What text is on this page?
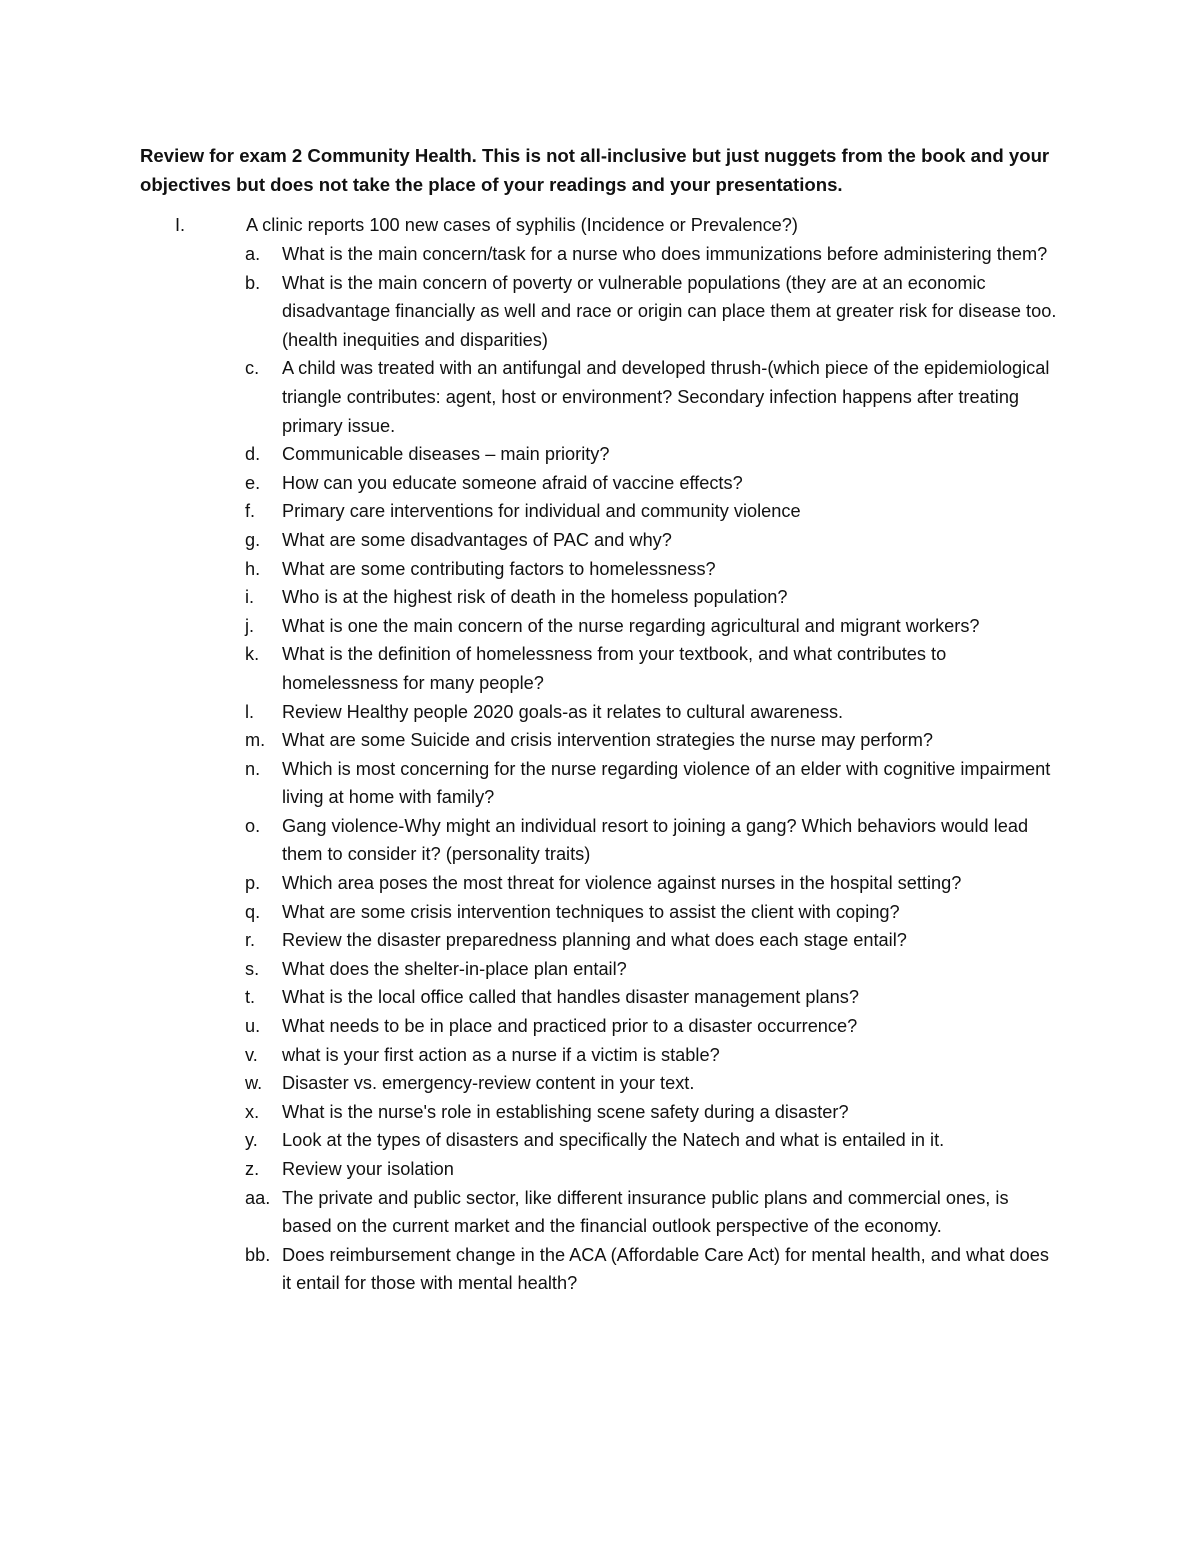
Review for exam 2 Community Health. This is not all-inclusive but just nuggets from the book and your objectives but does not take the place of your readings and your presentations.

I.	A clinic reports 100 new cases of syphilis (Incidence or Prevalence?)
a. What is the main concern/task for a nurse who does immunizations before administering them?
b. What is the main concern of poverty or vulnerable populations (they are at an economic disadvantage financially as well and race or origin can place them at greater risk for disease too.(health inequities and disparities)
c. A child was treated with an antifungal and developed thrush-(which piece of the epidemiological triangle contributes: agent, host or environment? Secondary infection happens after treating primary issue.
d. Communicable diseases – main priority?
e. How can you educate someone afraid of vaccine effects?
f. Primary care interventions for individual and community violence
g. What are some disadvantages of PAC and why?
h. What are some contributing factors to homelessness?
i. Who is at the highest risk of death in the homeless population?
j. What is one the main concern of the nurse regarding agricultural and migrant workers?
k. What is the definition of homelessness from your textbook, and what contributes to homelessness for many people?
l. Review Healthy people 2020 goals-as it relates to cultural awareness.
m. What are some Suicide and crisis intervention strategies the nurse may perform?
n. Which is most concerning for the nurse regarding violence of an elder with cognitive impairment living at home with family?
o. Gang violence-Why might an individual resort to joining a gang? Which behaviors would lead them to consider it? (personality traits)
p. Which area poses the most threat for violence against nurses in the hospital setting?
q. What are some crisis intervention techniques to assist the client with coping?
r. Review the disaster preparedness planning and what does each stage entail?
s. What does the shelter-in-place plan entail?
t. What is the local office called that handles disaster management plans?
u. What needs to be in place and practiced prior to a disaster occurrence?
v. what is your first action as a nurse if a victim is stable?
w. Disaster vs. emergency-review content in your text.
x. What is the nurse's role in establishing scene safety during a disaster?
y. Look at the types of disasters and specifically the Natech and what is entailed in it.
z. Review your isolation
aa. The private and public sector, like different insurance public plans and commercial ones, is based on the current market and the financial outlook perspective of the economy.
bb. Does reimbursement change in the ACA (Affordable Care Act) for mental health, and what does it entail for those with mental health?
